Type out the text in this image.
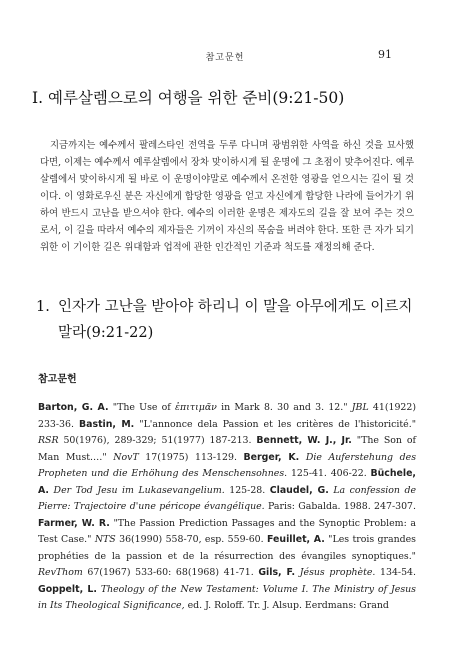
참고문헌	91
Ⅰ. 예루살렘으로의 여행을 위한 준비(9:21-50)

지금까지는 예수께서 팔레스타인 전역을 두루 다니며 광범위한 사역을 하신 것을 묘사했다면, 이제는 예수께서 예루살렘에서 장차 맞이하시게 될 운명에 그 초점이 맞추어진다. 예루살렘에서 맞이하시게 될 바로 이 운명이야말로 예수께서 온전한 영광을 얻으시는 길이 될 것이다. 이 영화로우신 분은 자신에게 합당한 영광을 얻고 자신에게 합당한 나라에 들어가기 위하여 반드시 고난을 받으셔야 한다. 예수의 이러한 운명은 제자도의 길을 잘 보여 주는 것으로서, 이 길을 따라서 예수의 제자들은 기꺼이 자신의 목숨을 버려야 한다. 또한 큰 자가 되기 위한 이 기이한 길은 위대함과 업적에 관한 인간적인 기준과 척도를 재정의해 준다.

1. 인자가 고난을 받아야 하리니 이 말을 아무에게도 이르지
말라(9:21-22)
참고문헌
Barton, G. A. "The Use of ἐπιτιμᾶν in Mark 8. 30 and 3. 12." JBL 41(1922) 233-36. Bastin, M. "L'annonce dela Passion et les critères de l'historicité." RSR 50(1976), 289-329; 51(1977) 187-213. Bennett, W. J., Jr. "The Son of Man Must.…" NovT 17(1975) 113-129. Berger, K. Die Auferstehung des Propheten und die Erhöhung des Menschensohnes. 125-41. 406-22. Büchele, A. Der Tod Jesu im Lukasevangelium. 125-28. Claudel, G. La confession de Pierre: Trajectoire d'une péricope évangélique. Paris: Gabalda. 1988. 247-307. Farmer, W. R. "The Passion Prediction Passages and the Synoptic Problem: a Test Case." NTS 36(1990) 558-70, esp. 559-60. Feuillet, A. "Les trois grandes prophéties de la passion et de la résurrection des évangiles synoptiques." RevThom 67(1967) 533-60: 68(1968) 41-71. Gils, F. Jésus prophète. 134-54. Goppelt, L. Theology of the New Testament: Volume I. The Ministry of Jesus in Its Theological Significance, ed. J. Roloff. Tr. J. Alsup. Eerdmans: Grand
